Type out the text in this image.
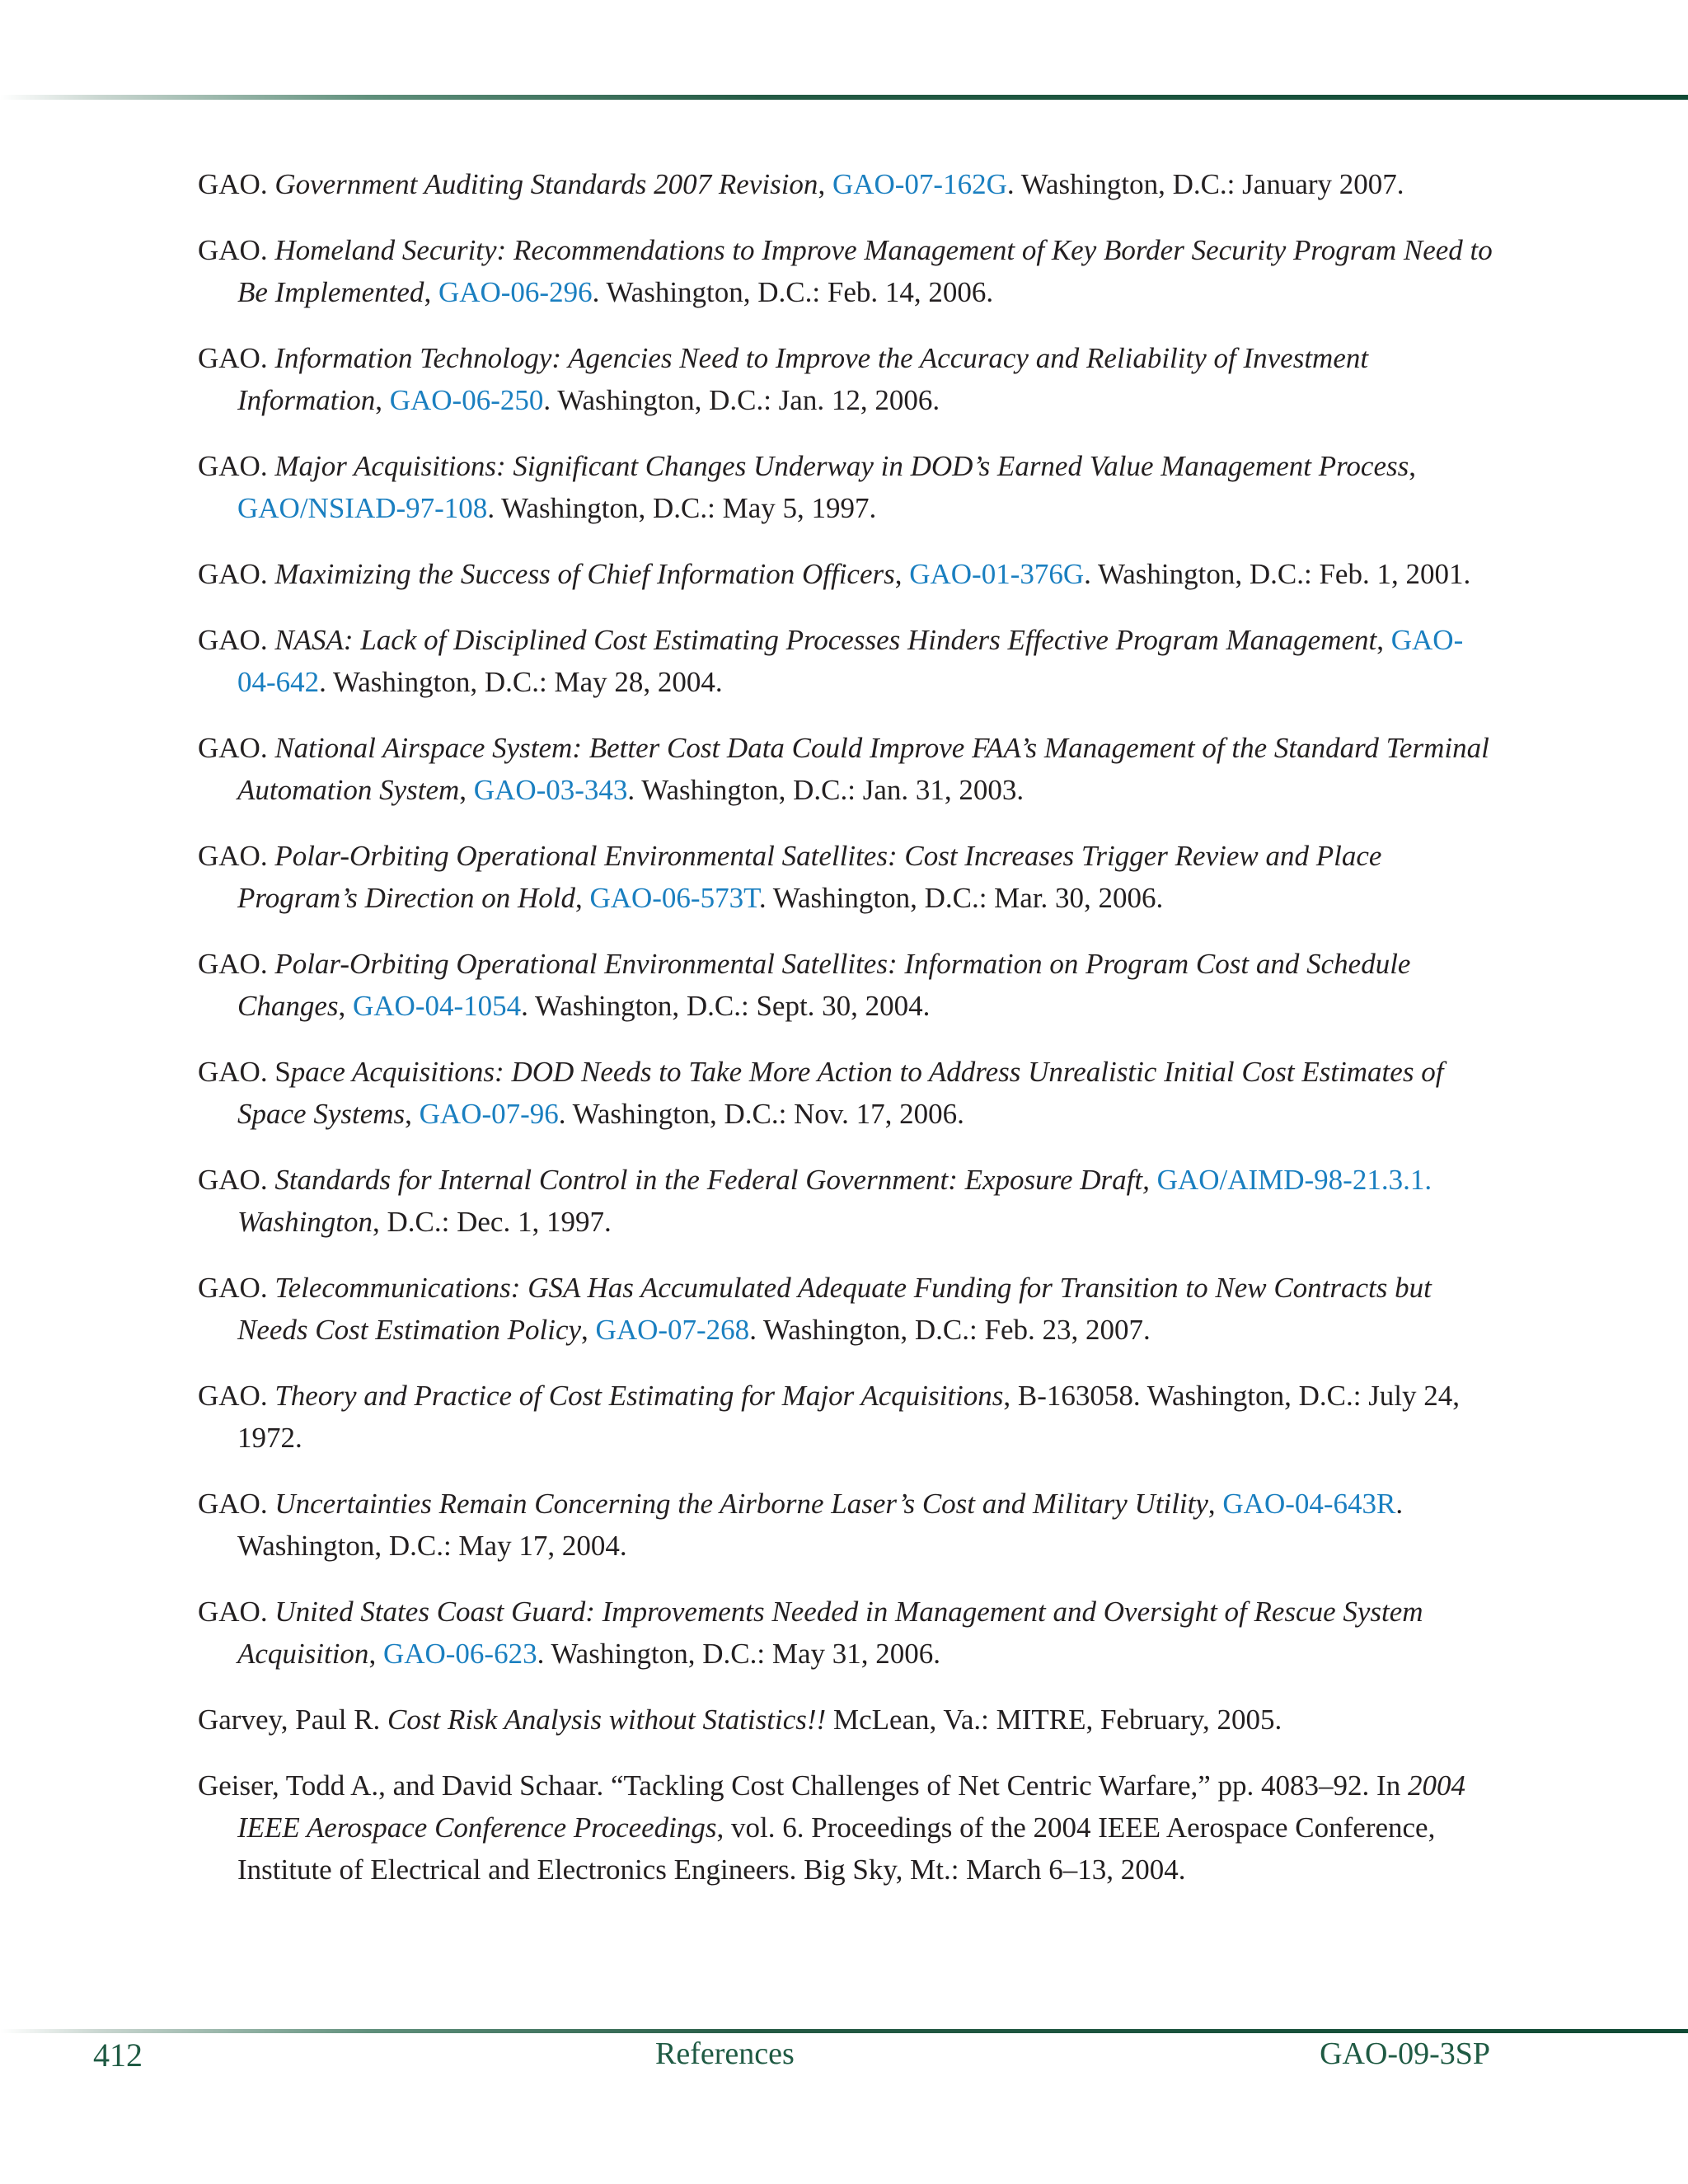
GAO. Government Auditing Standards 2007 Revision, GAO-07-162G. Washington, D.C.: January 2007.
GAO. Homeland Security: Recommendations to Improve Management of Key Border Security Program Need to Be Implemented, GAO-06-296. Washington, D.C.: Feb. 14, 2006.
GAO. Information Technology: Agencies Need to Improve the Accuracy and Reliability of Investment Information, GAO-06-250. Washington, D.C.: Jan. 12, 2006.
GAO. Major Acquisitions: Significant Changes Underway in DOD’s Earned Value Management Process, GAO/NSIAD-97-108. Washington, D.C.: May 5, 1997.
GAO. Maximizing the Success of Chief Information Officers, GAO-01-376G. Washington, D.C.: Feb. 1, 2001.
GAO. NASA: Lack of Disciplined Cost Estimating Processes Hinders Effective Program Management, GAO-04-642. Washington, D.C.: May 28, 2004.
GAO. National Airspace System: Better Cost Data Could Improve FAA’s Management of the Standard Terminal Automation System, GAO-03-343. Washington, D.C.: Jan. 31, 2003.
GAO. Polar-Orbiting Operational Environmental Satellites: Cost Increases Trigger Review and Place Program’s Direction on Hold, GAO-06-573T. Washington, D.C.: Mar. 30, 2006.
GAO. Polar-Orbiting Operational Environmental Satellites: Information on Program Cost and Schedule Changes, GAO-04-1054. Washington, D.C.: Sept. 30, 2004.
GAO. Space Acquisitions: DOD Needs to Take More Action to Address Unrealistic Initial Cost Estimates of Space Systems, GAO-07-96. Washington, D.C.: Nov. 17, 2006.
GAO. Standards for Internal Control in the Federal Government: Exposure Draft, GAO/AIMD-98-21.3.1. Washington, D.C.: Dec. 1, 1997.
GAO. Telecommunications: GSA Has Accumulated Adequate Funding for Transition to New Contracts but Needs Cost Estimation Policy, GAO-07-268. Washington, D.C.: Feb. 23, 2007.
GAO. Theory and Practice of Cost Estimating for Major Acquisitions, B-163058. Washington, D.C.: July 24, 1972.
GAO. Uncertainties Remain Concerning the Airborne Laser’s Cost and Military Utility, GAO-04-643R. Washington, D.C.: May 17, 2004.
GAO. United States Coast Guard: Improvements Needed in Management and Oversight of Rescue System Acquisition, GAO-06-623. Washington, D.C.: May 31, 2006.
Garvey, Paul R. Cost Risk Analysis without Statistics!! McLean, Va.: MITRE, February, 2005.
Geiser, Todd A., and David Schaar. “Tackling Cost Challenges of Net Centric Warfare,” pp. 4083–92. In 2004 IEEE Aerospace Conference Proceedings, vol. 6. Proceedings of the 2004 IEEE Aerospace Conference, Institute of Electrical and Electronics Engineers. Big Sky, Mt.: March 6–13, 2004.
412	References	GAO-09-3SP
